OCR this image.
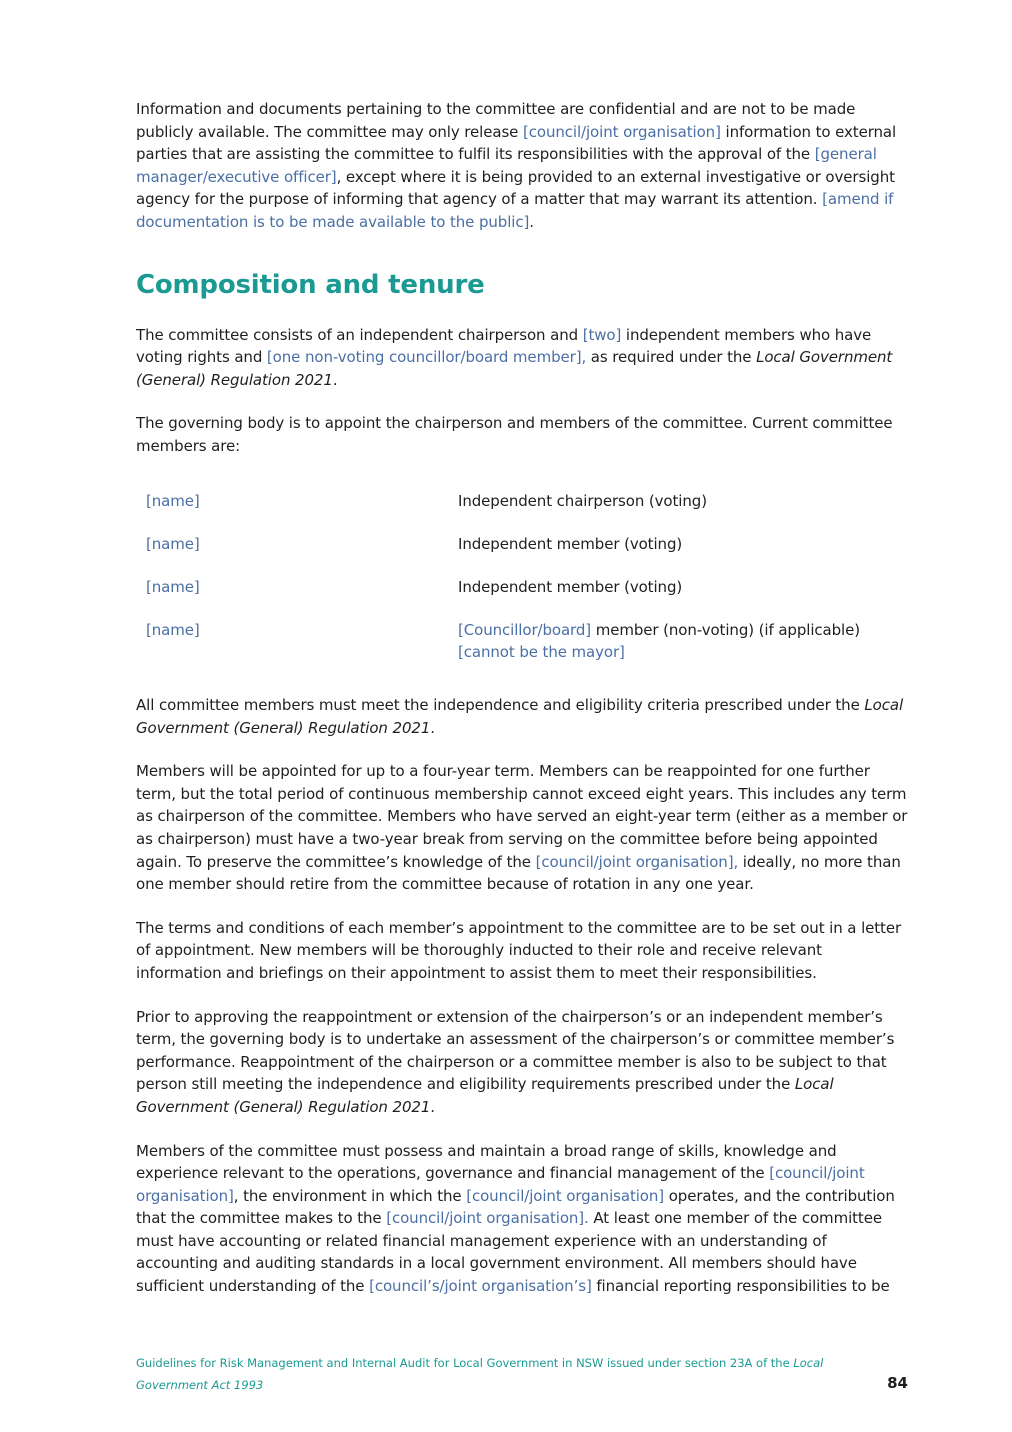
Information and documents pertaining to the committee are confidential and are not to be made publicly available. The committee may only release [council/joint organisation] information to external parties that are assisting the committee to fulfil its responsibilities with the approval of the [general manager/executive officer], except where it is being provided to an external investigative or oversight agency for the purpose of informing that agency of a matter that may warrant its attention. [amend if documentation is to be made available to the public].

Composition and tenure

The committee consists of an independent chairperson and [two] independent members who have voting rights and [one non-voting councillor/board member], as required under the Local Government (General) Regulation 2021.

The governing body is to appoint the chairperson and members of the committee. Current committee members are:

[name]	Independent chairperson (voting)
[name]	Independent member (voting)
[name]	Independent member (voting)
[name]	[Councillor/board] member (non-voting) (if applicable) [cannot be the mayor]

All committee members must meet the independence and eligibility criteria prescribed under the Local Government (General) Regulation 2021.

Members will be appointed for up to a four-year term. Members can be reappointed for one further term, but the total period of continuous membership cannot exceed eight years. This includes any term as chairperson of the committee. Members who have served an eight-year term (either as a member or as chairperson) must have a two-year break from serving on the committee before being appointed again. To preserve the committee’s knowledge of the [council/joint organisation], ideally, no more than one member should retire from the committee because of rotation in any one year.

The terms and conditions of each member’s appointment to the committee are to be set out in a letter of appointment. New members will be thoroughly inducted to their role and receive relevant information and briefings on their appointment to assist them to meet their responsibilities.

Prior to approving the reappointment or extension of the chairperson’s or an independent member’s term, the governing body is to undertake an assessment of the chairperson’s or committee member’s performance. Reappointment of the chairperson or a committee member is also to be subject to that person still meeting the independence and eligibility requirements prescribed under the Local Government (General) Regulation 2021.

Members of the committee must possess and maintain a broad range of skills, knowledge and experience relevant to the operations, governance and financial management of the [council/joint organisation], the environment in which the [council/joint organisation] operates, and the contribution that the committee makes to the [council/joint organisation]. At least one member of the committee must have accounting or related financial management experience with an understanding of accounting and auditing standards in a local government environment. All members should have sufficient understanding of the [council’s/joint organisation’s] financial reporting responsibilities to be

Guidelines for Risk Management and Internal Audit for Local Government in NSW issued under section 23A of the Local Government Act 1993	84
